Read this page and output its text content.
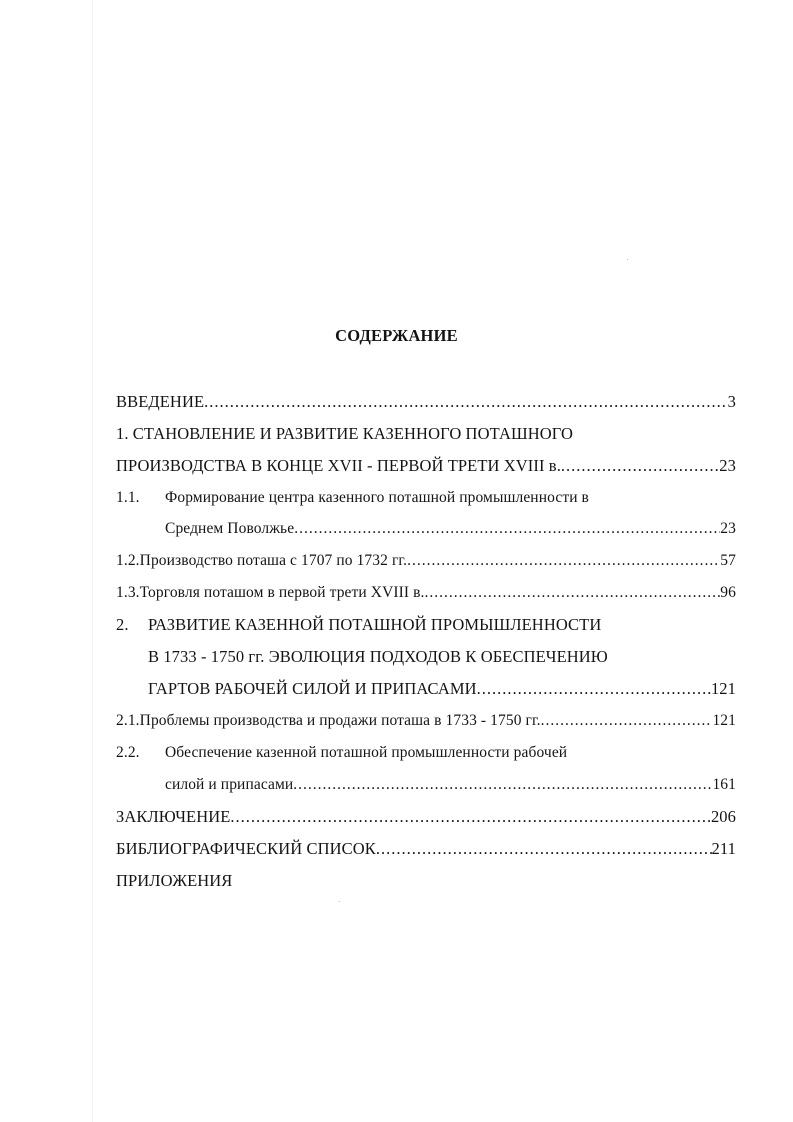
СОДЕРЖАНИЕ
ВВЕДЕНИЕ .....	3
1. СТАНОВЛЕНИЕ И РАЗВИТИЕ КАЗЕННОГО ПОТАШНОГО
ПРОИЗВОДСТВА В КОНЦЕ XVII - ПЕРВОЙ ТРЕТИ XVIII в. .....	23
1.1.	Формирование центра казенного поташной промышленности в
Среднем Поволжье .....	23
1.2. Производство поташа с 1707 по 1732 гг. .....	57
1.3. Торговля поташом в первой трети XVIII в. .....	96
2.	РАЗВИТИЕ КАЗЕННОЙ ПОТАШНОЙ ПРОМЫШЛЕННОСТИ
В 1733 - 1750 гг. ЭВОЛЮЦИЯ ПОДХОДОВ К ОБЕСПЕЧЕНИЮ
ГАРТОВ РАБОЧЕЙ СИЛОЙ И ПРИПАСАМИ .....	121
2.1. Проблемы производства и продажи поташа в 1733 - 1750 гг. .....	121
2.2.	Обеспечение казенной поташной промышленности рабочей
силой и припасами .....	161
ЗАКЛЮЧЕНИЕ .....	206
БИБЛИОГРАФИЧЕСКИЙ СПИСОК .....	211
ПРИЛОЖЕНИЯ
